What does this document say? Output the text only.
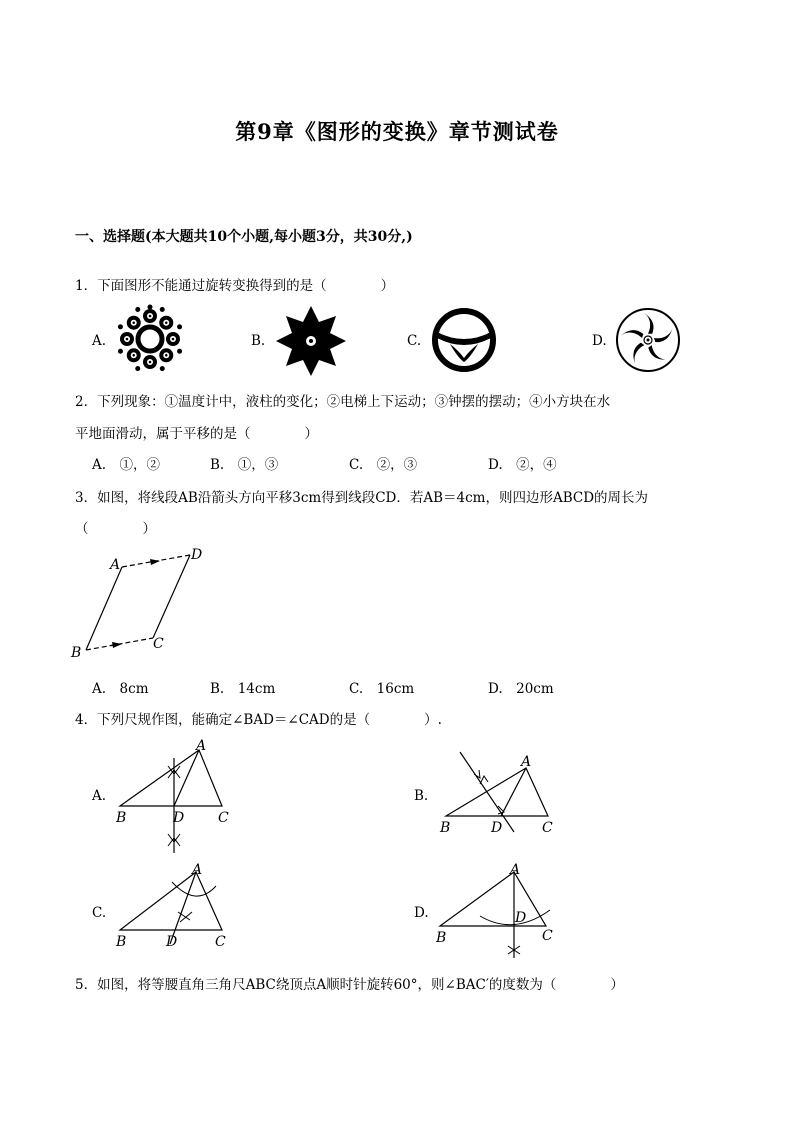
第9章《图形的变换》章节测试卷
一、选择题(本大题共10个小题,每小题3分，共30分,)
1．下面图形不能通过旋转变换得到的是（　　　　）
A.	B.	C.	D.
2．下列现象：①温度计中，液柱的变化；②电梯上下运动；③钟摆的摆动；④小方块在水
平地面滑动，属于平移的是（　　　　）
A.　①，②	B.　①，③	C.　②，③	D.　②，④
3．如图，将线段AB沿箭头方向平移3cm得到线段CD．若AB＝4cm，则四边形ABCD的周长为
（　　　　）
A
D
B
C
A.　8cm	B.　14cm	C.　16cm	D.　20cm
4．下列尺规作图，能确定∠BAD＝∠CAD的是（　　　　）.
A.	B.
C.	D.
A
B	D C
A
B	D	C
A
B	D	C
A
B
D
C
5．如图，将等腰直角三角尺ABC绕顶点A顺时针旋转60°，则∠BAC′的度数为（　　　　）
